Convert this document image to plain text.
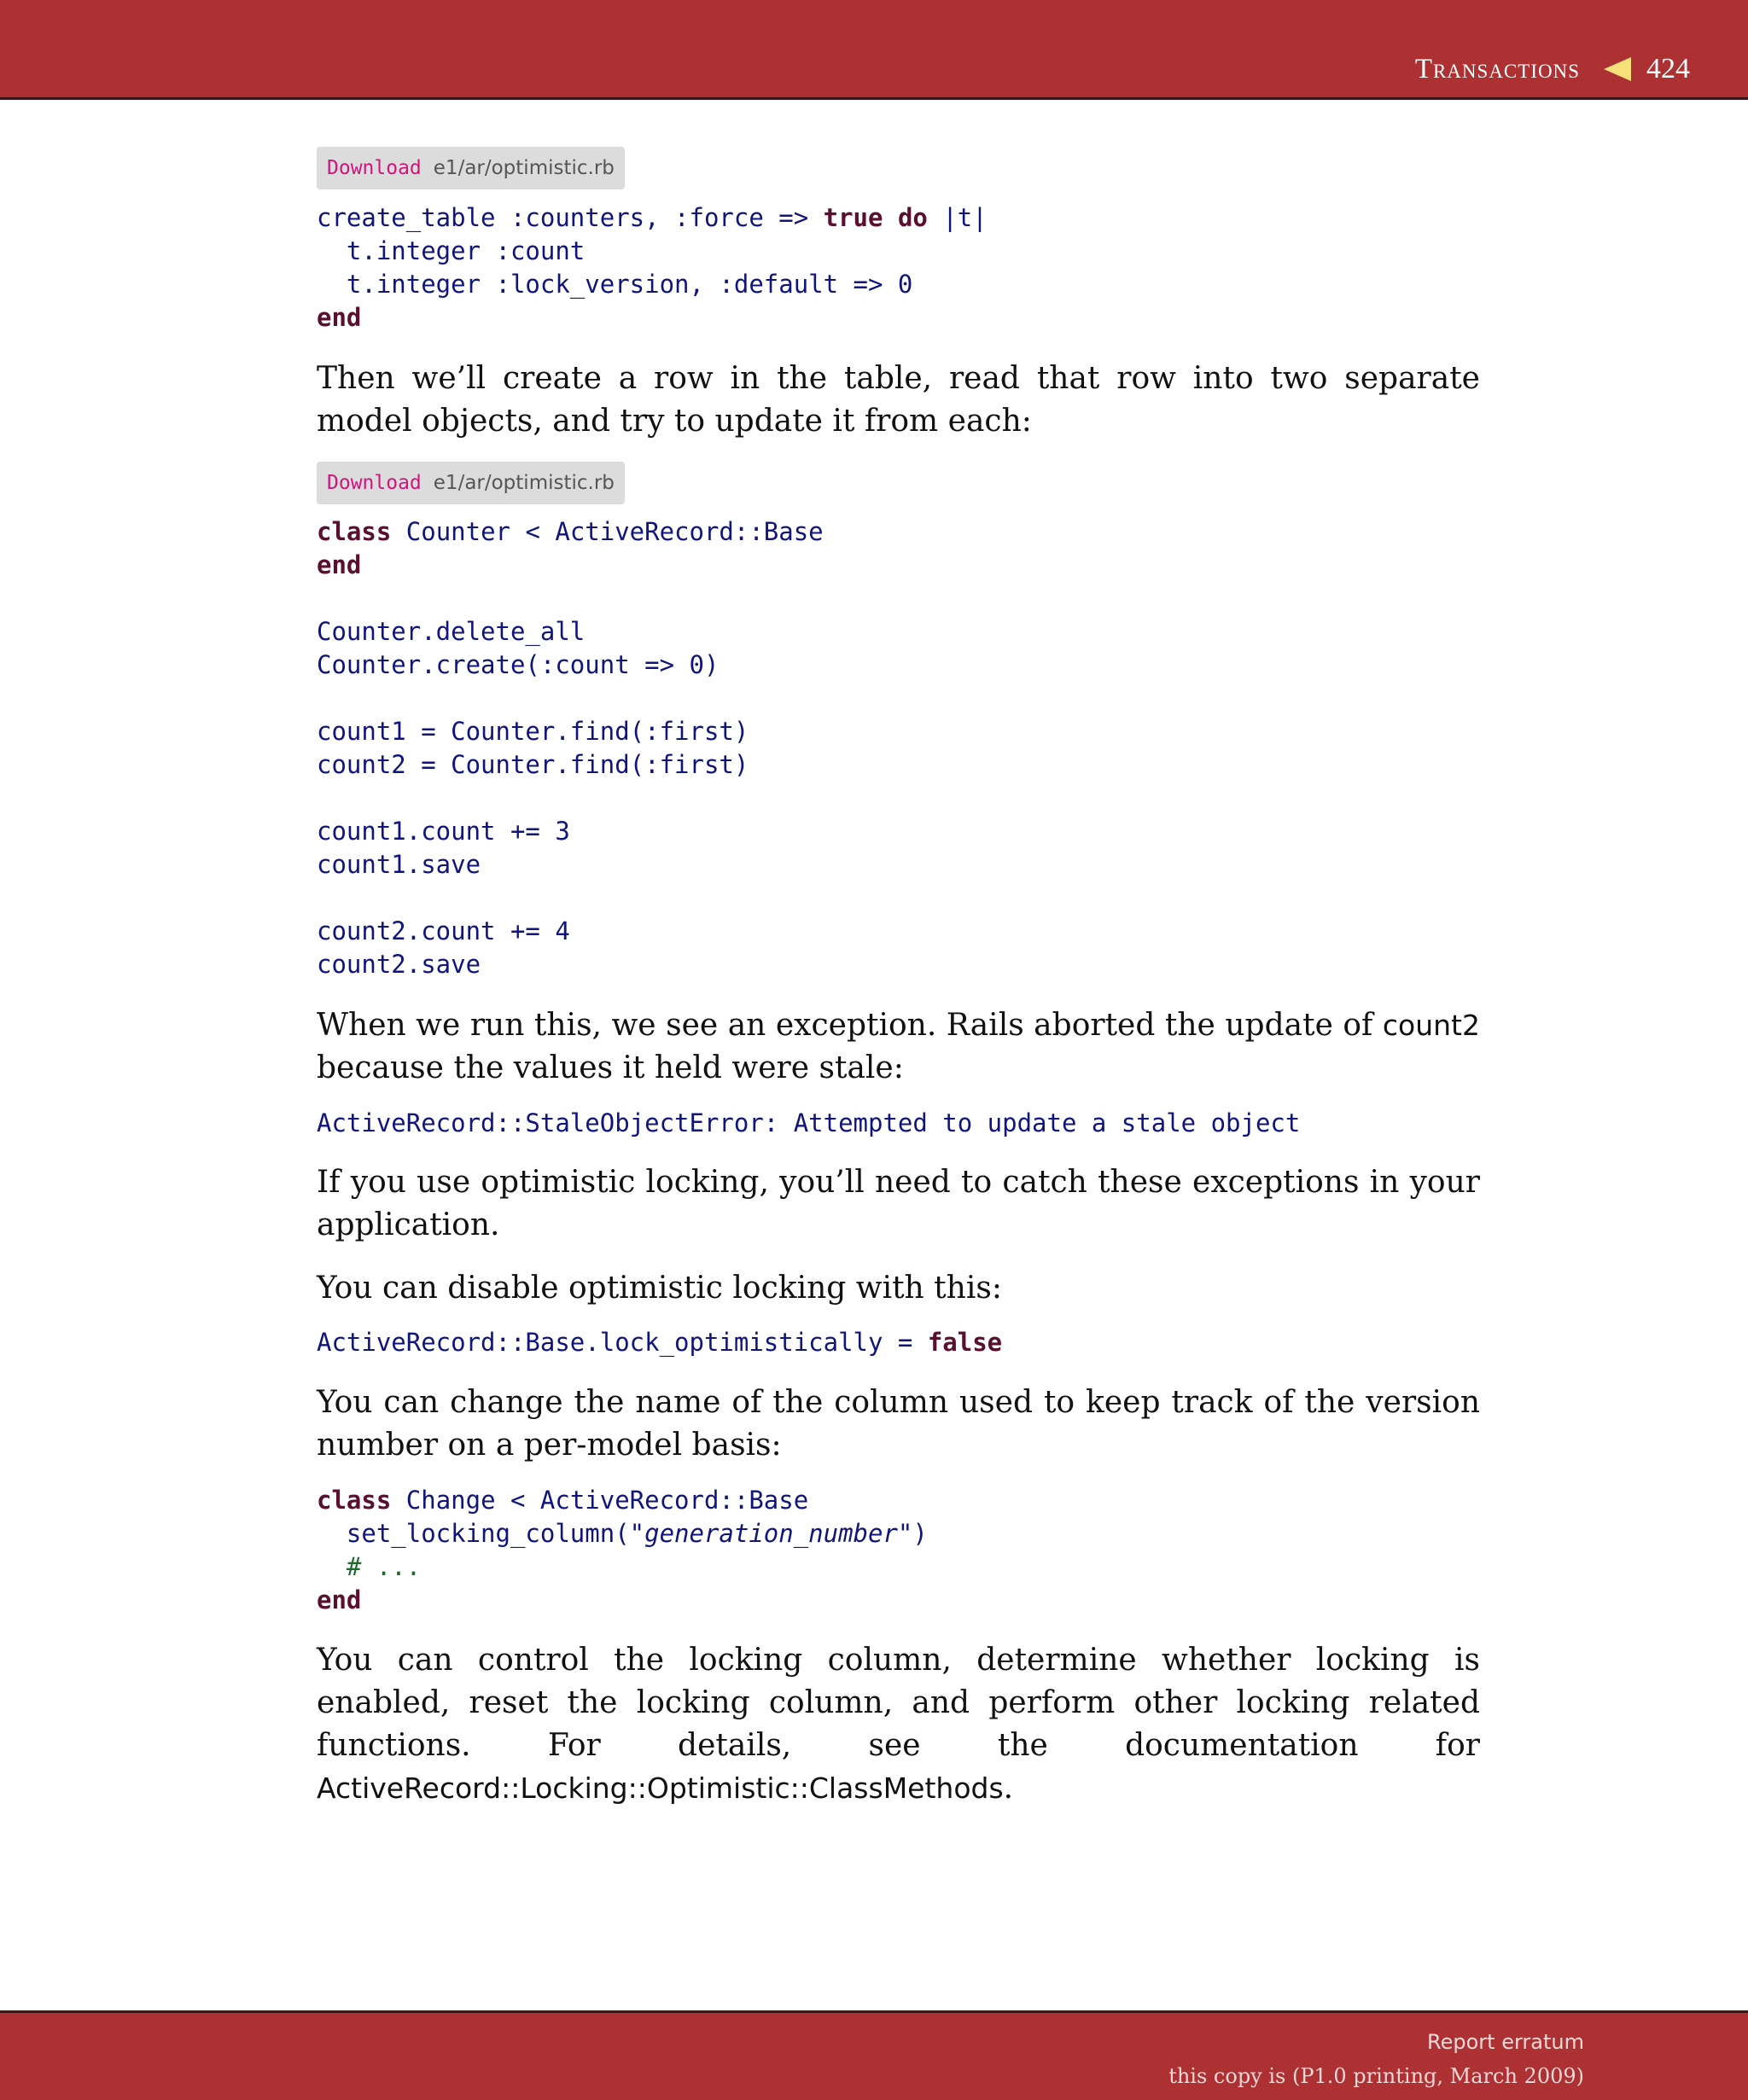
Transactions 424
Download e1/ar/optimistic.rb
create_table :counters, :force => true do |t|
t.integer :count
t.integer :lock_version, :default => 0
end

Then we’ll create a row in the table, read that row into two separate model objects, and try to update it from each:

Download e1/ar/optimistic.rb
class Counter < ActiveRecord::Base
end

Counter.delete_all
Counter.create(:count => 0)

count1 = Counter.find(:first)
count2 = Counter.find(:first)

count1.count += 3
count1.save

count2.count += 4
count2.save

When we run this, we see an exception. Rails aborted the update of count2 because the values it held were stale:

ActiveRecord::StaleObjectError: Attempted to update a stale object

If you use optimistic locking, you’ll need to catch these exceptions in your application.

You can disable optimistic locking with this:

ActiveRecord::Base.lock_optimistically = false

You can change the name of the column used to keep track of the version number on a per-model basis:

class Change < ActiveRecord::Base
set_locking_column("generation_number")
# ...
end

You can control the locking column, determine whether locking is enabled, reset the locking column, and perform other locking related functions. For details, see the documentation for ActiveRecord::Locking::Optimistic::ClassMethods.

Report erratum
this copy is (P1.0 printing, March 2009)
